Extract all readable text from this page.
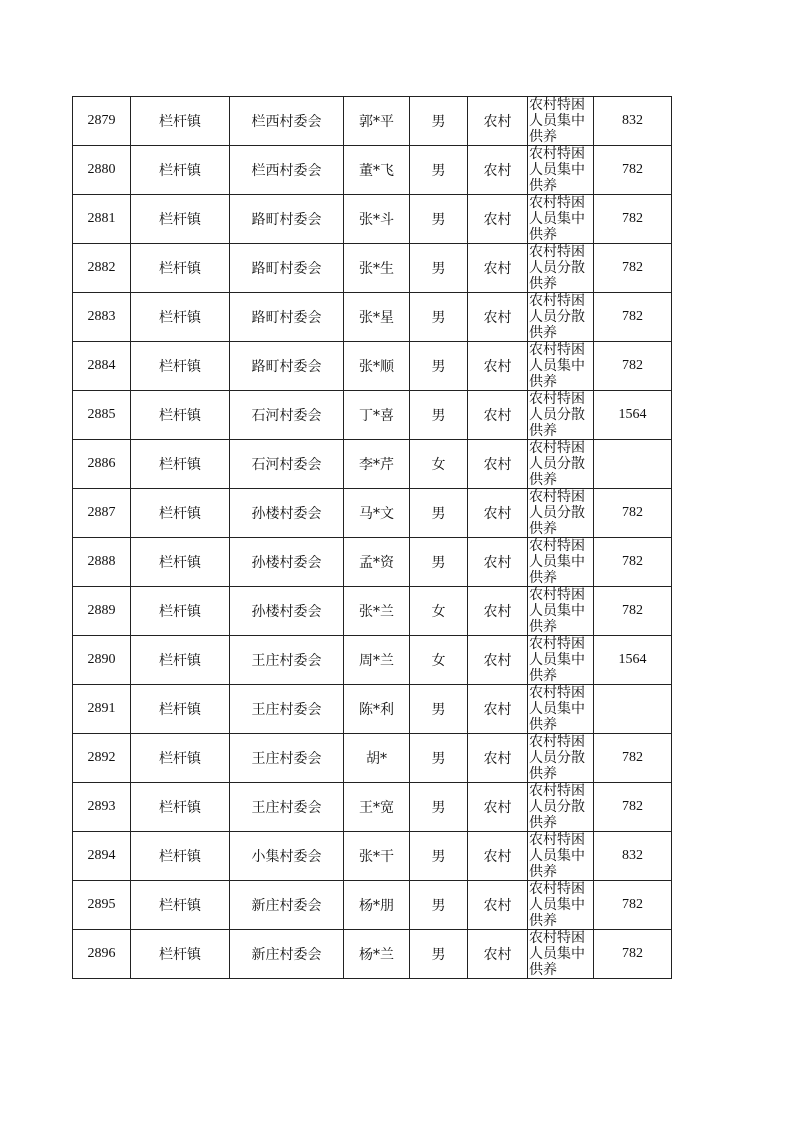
2879	栏杆镇	栏西村委会	郭*平	男	农村	农村特困人员集中供养	832
2880	栏杆镇	栏西村委会	董*飞	男	农村	农村特困人员集中供养	782
2881	栏杆镇	路町村委会	张*斗	男	农村	农村特困人员集中供养	782
2882	栏杆镇	路町村委会	张*生	男	农村	农村特困人员分散供养	782
2883	栏杆镇	路町村委会	张*星	男	农村	农村特困人员分散供养	782
2884	栏杆镇	路町村委会	张*顺	男	农村	农村特困人员集中供养	782
2885	栏杆镇	石河村委会	丁*喜	男	农村	农村特困人员分散供养	1564
2886	栏杆镇	石河村委会	李*芹	女	农村	农村特困人员分散供养	

2887	栏杆镇	孙楼村委会	马*文	男	农村	农村特困人员分散供养	782
2888	栏杆镇	孙楼村委会	孟*资	男	农村	农村特困人员集中供养	782
2889	栏杆镇	孙楼村委会	张*兰	女	农村	农村特困人员集中供养	782
2890	栏杆镇	王庄村委会	周*兰	女	农村	农村特困人员集中供养	1564
2891	栏杆镇	王庄村委会	陈*利	男	农村	农村特困人员集中供养	

2892	栏杆镇	王庄村委会	胡*	男	农村	农村特困人员分散供养	782
2893	栏杆镇	王庄村委会	王*宽	男	农村	农村特困人员分散供养	782
2894	栏杆镇	小集村委会	张*干	男	农村	农村特困人员集中供养	832
2895	栏杆镇	新庄村委会	杨*朋	男	农村	农村特困人员集中供养	782
2896	栏杆镇	新庄村委会	杨*兰	男	农村	农村特困人员集中供养	782
